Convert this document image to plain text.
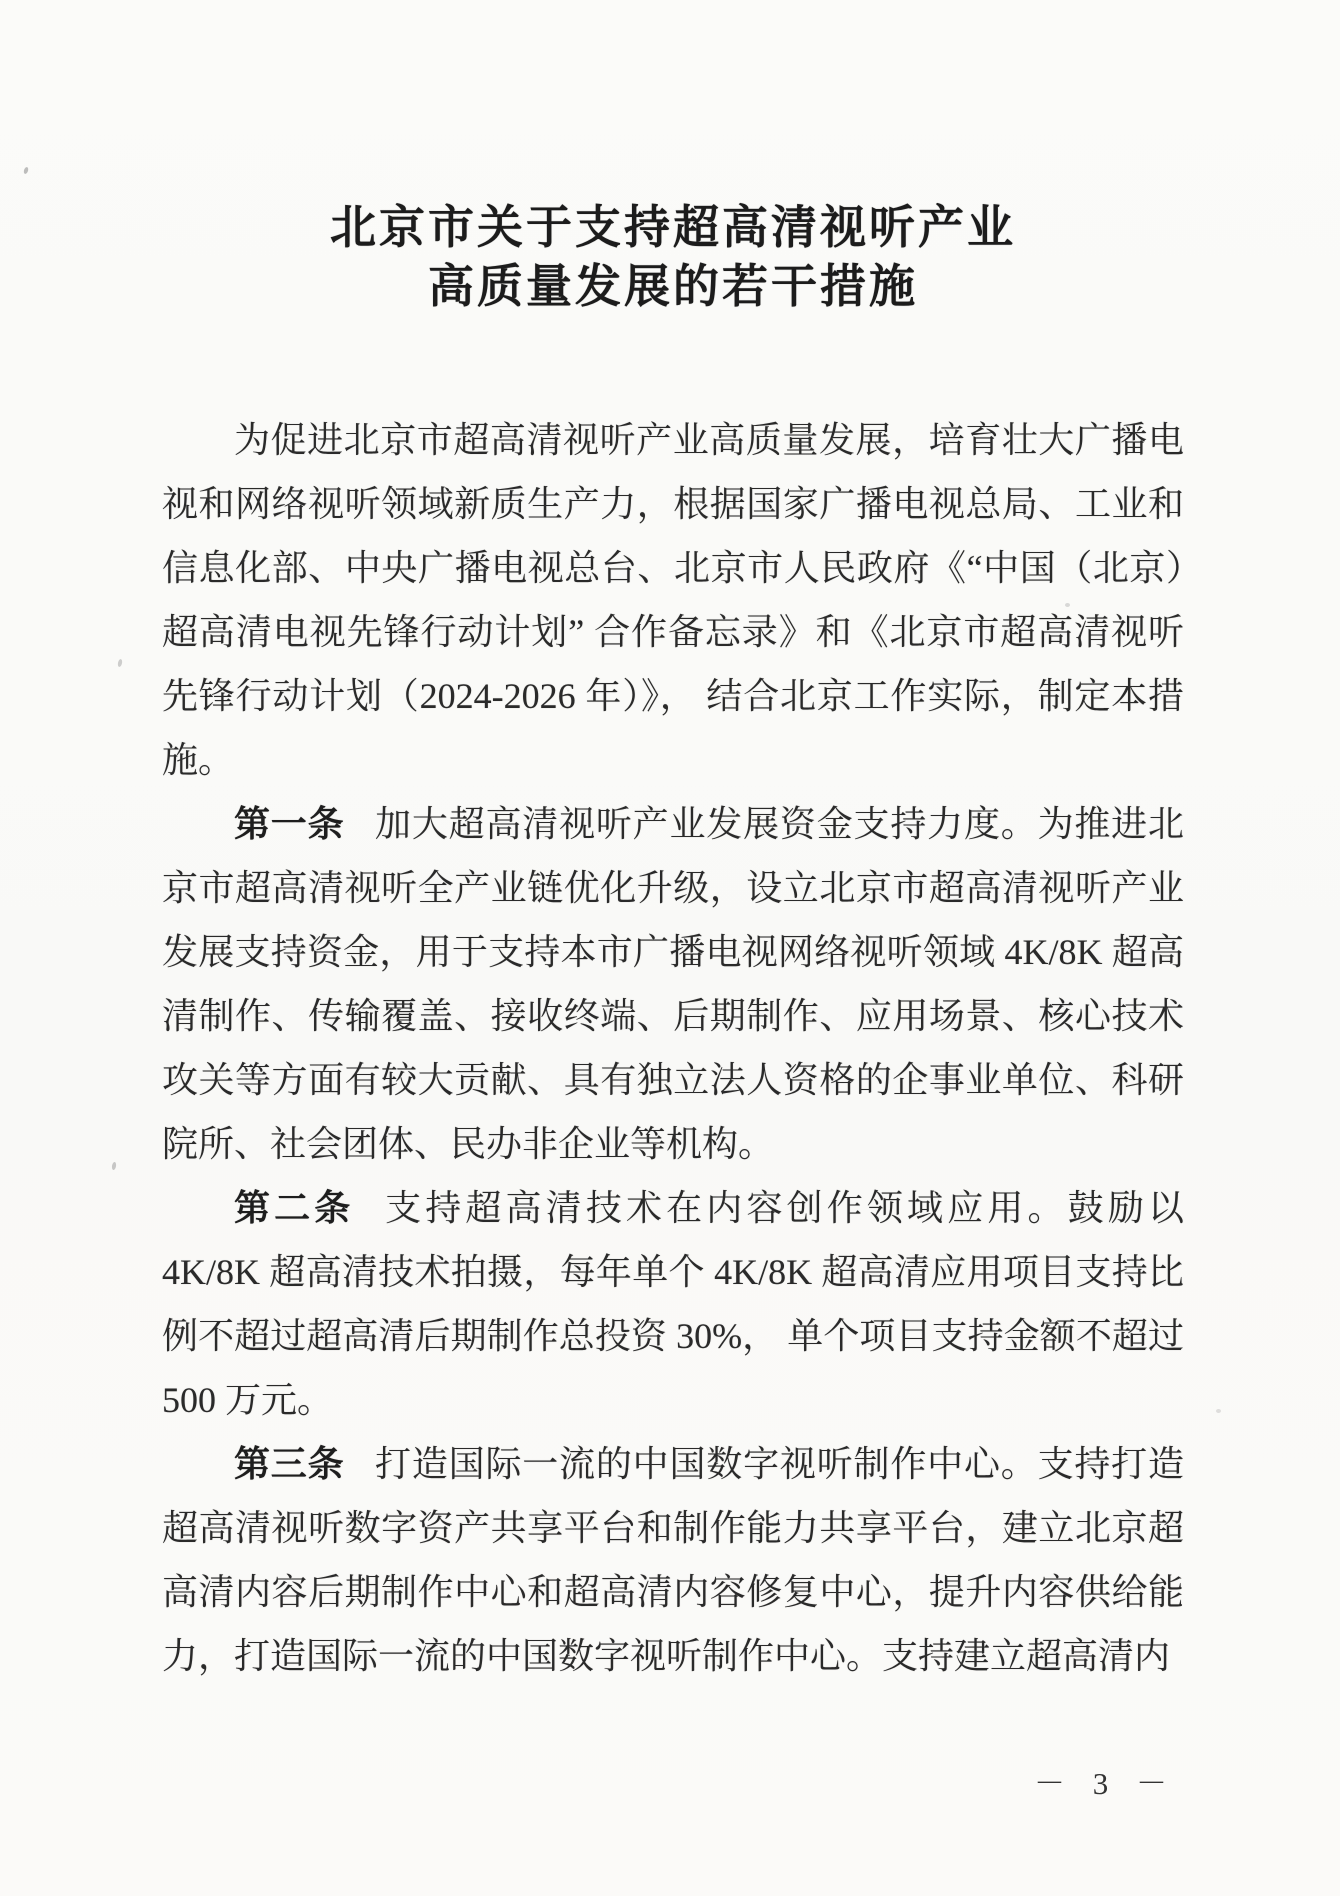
北京市关于支持超高清视听产业
高质量发展的若干措施

为促进北京市超高清视听产业高质量发展，培育壮大广播电视和网络视听领域新质生产力，根据国家广播电视总局、工业和信息化部、中央广播电视总台、北京市人民政府《“中国（北京）超高清电视先锋行动计划” 合作备忘录》和《北京市超高清视听先锋行动计划（2024-2026 年）》， 结合北京工作实际，制定本措施。

第一条 加大超高清视听产业发展资金支持力度。为推进北京市超高清视听全产业链优化升级，设立北京市超高清视听产业发展支持资金，用于支持本市广播电视网络视听领域 4K/8K 超高清制作、传输覆盖、接收终端、后期制作、应用场景、核心技术攻关等方面有较大贡献、具有独立法人资格的企事业单位、科研院所、社会团体、民办非企业等机构。

第二条 支持超高清技术在内容创作领域应用。鼓励以 4K/8K 超高清技术拍摄，每年单个 4K/8K 超高清应用项目支持比例不超过超高清后期制作总投资 30%， 单个项目支持金额不超过 500 万元。

第三条 打造国际一流的中国数字视听制作中心。支持打造超高清视听数字资产共享平台和制作能力共享平台，建立北京超高清内容后期制作中心和超高清内容修复中心，提升内容供给能力，打造国际一流的中国数字视听制作中心。支持建立超高清内

－ 3 －
